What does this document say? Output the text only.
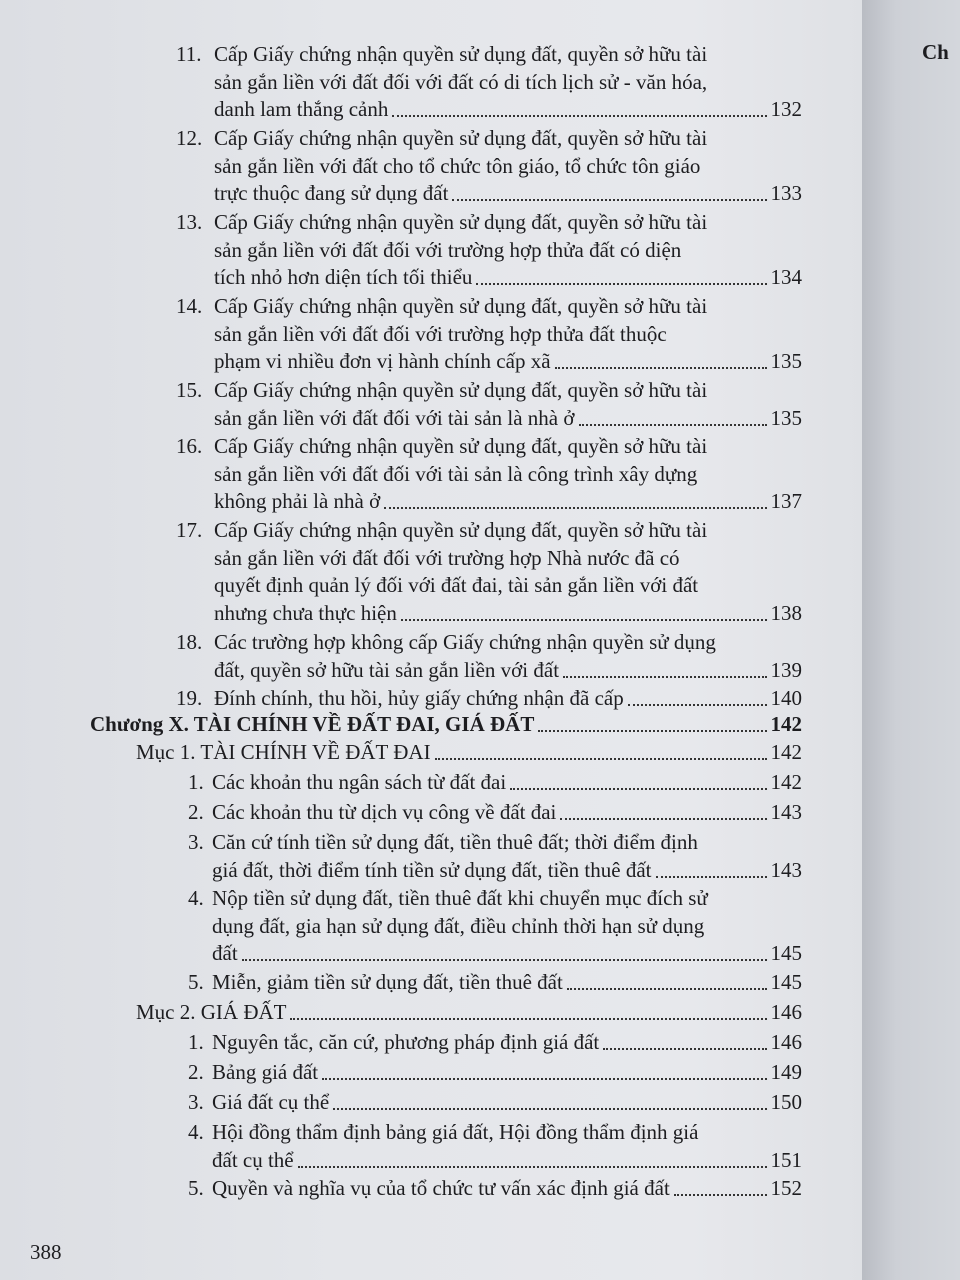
11. Cấp Giấy chứng nhận quyền sử dụng đất, quyền sở hữu tài
sản gắn liền với đất đối với đất có di tích lịch sử - văn hóa,
danh lam thắng cảnh	132
12. Cấp Giấy chứng nhận quyền sử dụng đất, quyền sở hữu tài
sản gắn liền với đất cho tổ chức tôn giáo, tổ chức tôn giáo
trực thuộc đang sử dụng đất	133
13. Cấp Giấy chứng nhận quyền sử dụng đất, quyền sở hữu tài
sản gắn liền với đất đối với trường hợp thửa đất có diện
tích nhỏ hơn diện tích tối thiểu	134
14. Cấp Giấy chứng nhận quyền sử dụng đất, quyền sở hữu tài
sản gắn liền với đất đối với trường hợp thửa đất thuộc
phạm vi nhiều đơn vị hành chính cấp xã	135
15. Cấp Giấy chứng nhận quyền sử dụng đất, quyền sở hữu tài
sản gắn liền với đất đối với tài sản là nhà ở	135
16. Cấp Giấy chứng nhận quyền sử dụng đất, quyền sở hữu tài
sản gắn liền với đất đối với tài sản là công trình xây dựng
không phải là nhà ở	137
17. Cấp Giấy chứng nhận quyền sử dụng đất, quyền sở hữu tài
sản gắn liền với đất đối với trường hợp Nhà nước đã có
quyết định quản lý đối với đất đai, tài sản gắn liền với đất
nhưng chưa thực hiện	138
18. Các trường hợp không cấp Giấy chứng nhận quyền sử dụng
đất, quyền sở hữu tài sản gắn liền với đất	139
19. Đính chính, thu hồi, hủy giấy chứng nhận đã cấp	140
Chương X. TÀI CHÍNH VỀ ĐẤT ĐAI, GIÁ ĐẤT	142
Mục 1. TÀI CHÍNH VỀ ĐẤT ĐAI	142
1. Các khoản thu ngân sách từ đất đai	142
2. Các khoản thu từ dịch vụ công về đất đai	143
3. Căn cứ tính tiền sử dụng đất, tiền thuê đất; thời điểm định
giá đất, thời điểm tính tiền sử dụng đất, tiền thuê đất	143
4. Nộp tiền sử dụng đất, tiền thuê đất khi chuyển mục đích sử
dụng đất, gia hạn sử dụng đất, điều chỉnh thời hạn sử dụng
đất	145
5. Miễn, giảm tiền sử dụng đất, tiền thuê đất	145
Mục 2. GIÁ ĐẤT	146
1. Nguyên tắc, căn cứ, phương pháp định giá đất	146
2. Bảng giá đất	149
3. Giá đất cụ thể	150
4. Hội đồng thẩm định bảng giá đất, Hội đồng thẩm định giá
đất cụ thể	151
5. Quyền và nghĩa vụ của tổ chức tư vấn xác định giá đất	152
388
Ch
